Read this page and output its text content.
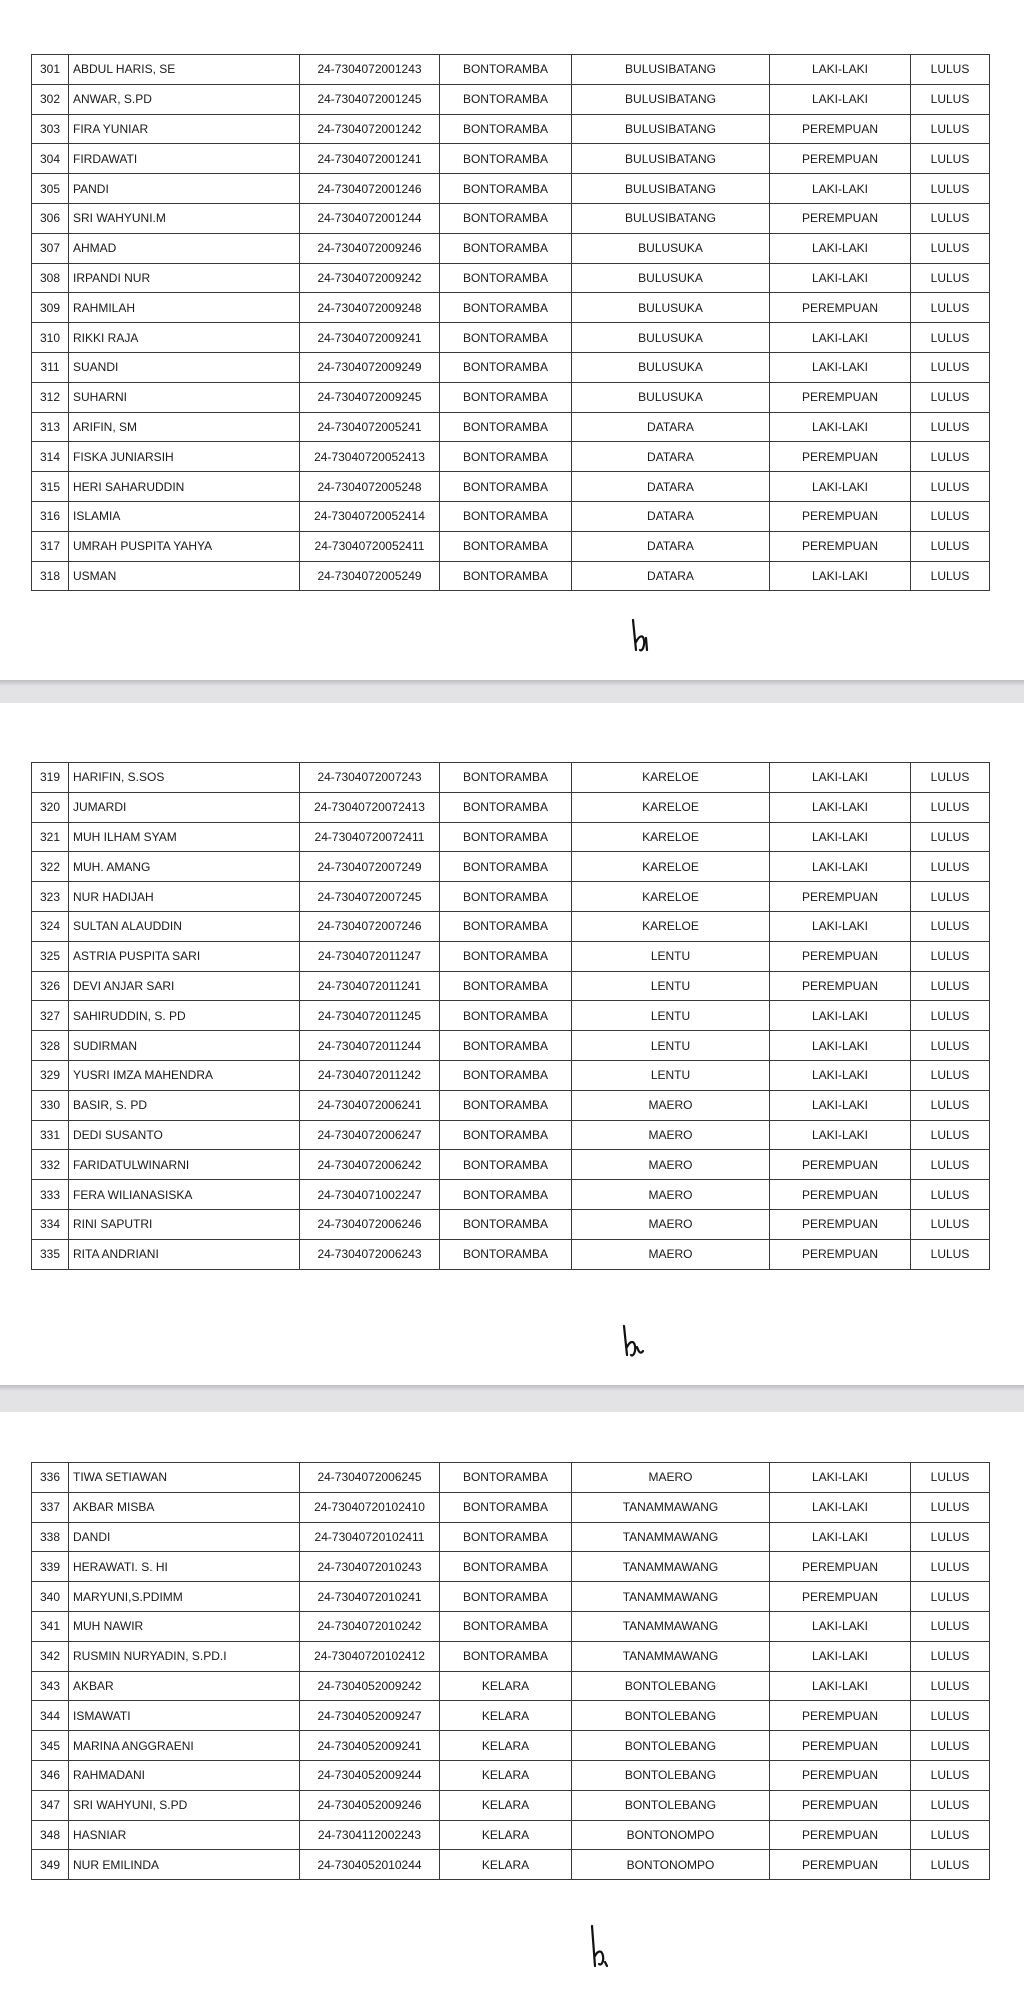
301	ABDUL HARIS, SE	24-7304072001243	BONTORAMBA	BULUSIBATANG	LAKI-LAKI	LULUS
302	ANWAR, S.PD	24-7304072001245	BONTORAMBA	BULUSIBATANG	LAKI-LAKI	LULUS
303	FIRA YUNIAR	24-7304072001242	BONTORAMBA	BULUSIBATANG	PEREMPUAN	LULUS
304	FIRDAWATI	24-7304072001241	BONTORAMBA	BULUSIBATANG	PEREMPUAN	LULUS
305	PANDI	24-7304072001246	BONTORAMBA	BULUSIBATANG	LAKI-LAKI	LULUS
306	SRI WAHYUNI.M	24-7304072001244	BONTORAMBA	BULUSIBATANG	PEREMPUAN	LULUS
307	AHMAD	24-7304072009246	BONTORAMBA	BULUSUKA	LAKI-LAKI	LULUS
308	IRPANDI NUR	24-7304072009242	BONTORAMBA	BULUSUKA	LAKI-LAKI	LULUS
309	RAHMILAH	24-7304072009248	BONTORAMBA	BULUSUKA	PEREMPUAN	LULUS
310	RIKKI RAJA	24-7304072009241	BONTORAMBA	BULUSUKA	LAKI-LAKI	LULUS
311	SUANDI	24-7304072009249	BONTORAMBA	BULUSUKA	LAKI-LAKI	LULUS
312	SUHARNI	24-7304072009245	BONTORAMBA	BULUSUKA	PEREMPUAN	LULUS
313	ARIFIN, SM	24-7304072005241	BONTORAMBA	DATARA	LAKI-LAKI	LULUS
314	FISKA JUNIARSIH	24-73040720052413	BONTORAMBA	DATARA	PEREMPUAN	LULUS
315	HERI SAHARUDDIN	24-7304072005248	BONTORAMBA	DATARA	LAKI-LAKI	LULUS
316	ISLAMIA	24-73040720052414	BONTORAMBA	DATARA	PEREMPUAN	LULUS
317	UMRAH PUSPITA YAHYA	24-73040720052411	BONTORAMBA	DATARA	PEREMPUAN	LULUS
318	USMAN	24-7304072005249	BONTORAMBA	DATARA	LAKI-LAKI	LULUS
319	HARIFIN, S.SOS	24-7304072007243	BONTORAMBA	KARELOE	LAKI-LAKI	LULUS
320	JUMARDI	24-73040720072413	BONTORAMBA	KARELOE	LAKI-LAKI	LULUS
321	MUH ILHAM SYAM	24-73040720072411	BONTORAMBA	KARELOE	LAKI-LAKI	LULUS
322	MUH. AMANG	24-7304072007249	BONTORAMBA	KARELOE	LAKI-LAKI	LULUS
323	NUR HADIJAH	24-7304072007245	BONTORAMBA	KARELOE	PEREMPUAN	LULUS
324	SULTAN ALAUDDIN	24-7304072007246	BONTORAMBA	KARELOE	LAKI-LAKI	LULUS
325	ASTRIA PUSPITA SARI	24-7304072011247	BONTORAMBA	LENTU	PEREMPUAN	LULUS
326	DEVI ANJAR SARI	24-7304072011241	BONTORAMBA	LENTU	PEREMPUAN	LULUS
327	SAHIRUDDIN, S. PD	24-7304072011245	BONTORAMBA	LENTU	LAKI-LAKI	LULUS
328	SUDIRMAN	24-7304072011244	BONTORAMBA	LENTU	LAKI-LAKI	LULUS
329	YUSRI IMZA MAHENDRA	24-7304072011242	BONTORAMBA	LENTU	LAKI-LAKI	LULUS
330	BASIR, S. PD	24-7304072006241	BONTORAMBA	MAERO	LAKI-LAKI	LULUS
331	DEDI SUSANTO	24-7304072006247	BONTORAMBA	MAERO	LAKI-LAKI	LULUS
332	FARIDATULWINARNI	24-7304072006242	BONTORAMBA	MAERO	PEREMPUAN	LULUS
333	FERA WILIANASISKA	24-7304071002247	BONTORAMBA	MAERO	PEREMPUAN	LULUS
334	RINI SAPUTRI	24-7304072006246	BONTORAMBA	MAERO	PEREMPUAN	LULUS
335	RITA ANDRIANI	24-7304072006243	BONTORAMBA	MAERO	PEREMPUAN	LULUS
336	TIWA SETIAWAN	24-7304072006245	BONTORAMBA	MAERO	LAKI-LAKI	LULUS
337	AKBAR MISBA	24-73040720102410	BONTORAMBA	TANAMMAWANG	LAKI-LAKI	LULUS
338	DANDI	24-73040720102411	BONTORAMBA	TANAMMAWANG	LAKI-LAKI	LULUS
339	HERAWATI. S. HI	24-7304072010243	BONTORAMBA	TANAMMAWANG	PEREMPUAN	LULUS
340	MARYUNI,S.PDIMM	24-7304072010241	BONTORAMBA	TANAMMAWANG	PEREMPUAN	LULUS
341	MUH NAWIR	24-7304072010242	BONTORAMBA	TANAMMAWANG	LAKI-LAKI	LULUS
342	RUSMIN NURYADIN, S.PD.I	24-73040720102412	BONTORAMBA	TANAMMAWANG	LAKI-LAKI	LULUS
343	AKBAR	24-7304052009242	KELARA	BONTOLEBANG	LAKI-LAKI	LULUS
344	ISMAWATI	24-7304052009247	KELARA	BONTOLEBANG	PEREMPUAN	LULUS
345	MARINA ANGGRAENI	24-7304052009241	KELARA	BONTOLEBANG	PEREMPUAN	LULUS
346	RAHMADANI	24-7304052009244	KELARA	BONTOLEBANG	PEREMPUAN	LULUS
347	SRI WAHYUNI, S.PD	24-7304052009246	KELARA	BONTOLEBANG	PEREMPUAN	LULUS
348	HASNIAR	24-7304112002243	KELARA	BONTONOMPO	PEREMPUAN	LULUS
349	NUR EMILINDA	24-7304052010244	KELARA	BONTONOMPO	PEREMPUAN	LULUS
